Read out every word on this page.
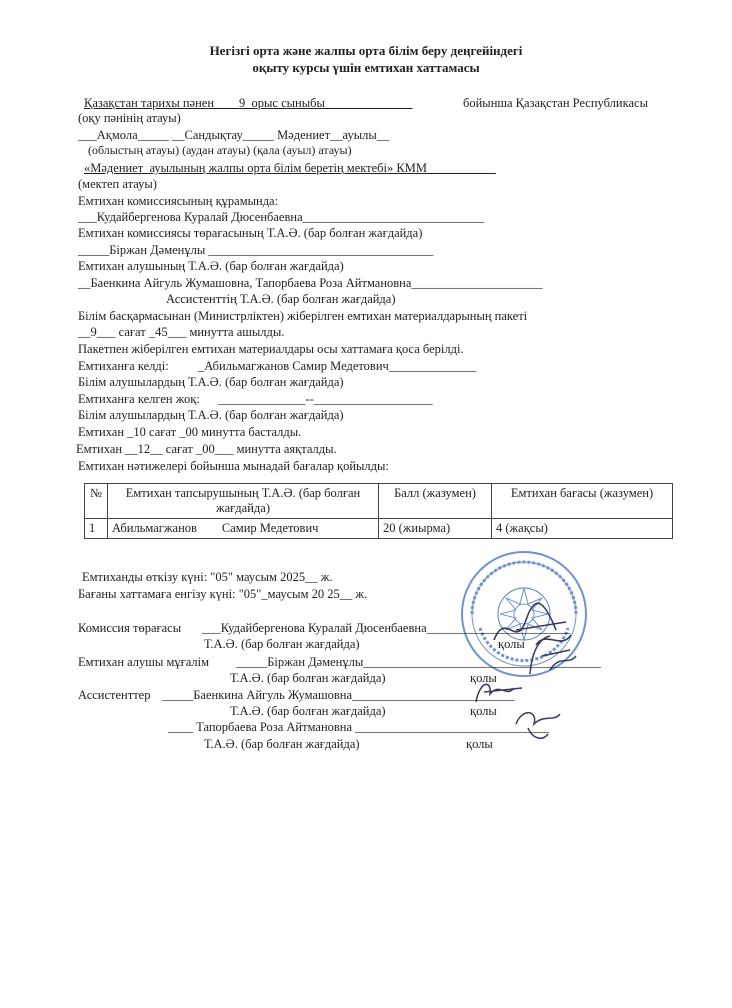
Негізгі орта және жалпы орта білім беру деңгейіндегі
оқыту курсы үшін емтихан хаттамасы
Қазақстан тарихы пәнен____9_орыс сыныбы______________	бойынша Қазақстан Республикасы
(оқу пәнінің атауы)
___Ақмола_____ __Сандықтау_____ Мәдениет__ауылы__
(облыстың атауы) (аудан атауы) (қала (ауыл) атауы)
«Мәдениет_ауылының жалпы орта білім беретің мектебі» КММ___________
(мектеп атауы)
Емтихан комиссиясының құрамында:
___Кудайбергенова Куралай Дюсенбаевна_____________________________
Емтихан комиссиясы төрағасының Т.А.Ә. (бар болған жағдайда)
_____Біржан Дәменұлы ____________________________________
Емтихан алушының Т.А.Ә. (бар болған жағдайда)
__Баенкина Айгуль Жумашовна, Тапорбаева Роза Айтмановна_____________________
Ассистенттің Т.А.Ә. (бар болған жағдайда)
Білім басқармасынан (Министрліктен) жіберілген емтихан материалдарының пакеті
__9___ сағат _45___ минутта ашылды.
Пакетпен жіберілген емтихан материалдары осы хаттамаға қоса берілді.
Емтиханға келді: _Абильмагжанов Самир Медетович______________
Білім алушылардың Т.А.Ә. (бар болған жағдайда)
Емтиханға келген жоқ: ______________--___________________
Білім алушылардың Т.А.Ә. (бар болған жағдайда)
Емтихан _10 сағат _00 минутта басталды.
Емтихан __12__ сағат _00___ минутта аяқталды.
Емтихан нәтижелері бойынша мынадай бағалар қойылды:
№	Емтихан тапсырушының Т.А.Ә. (бар болған жағдайда)	Балл (жазумен)	Емтихан бағасы (жазумен)
1	Абильмагжанов        Самир Медетович	20 (жиырма)	4 (жақсы)
Емтиханды өткізу күні: "05" маусым 2025__ ж.
Бағаны хаттамаға енгізу күні: "05"_маусым 20 25__ ж.
Комиссия төрағасы ___Кудайбергенова Куралай Дюсенбаевна_______________________
Т.А.Ә. (бар болған жағдайда)	қолы
Емтихан алушы мұғалім _____Біржан Дәменұлы______________________________________
Т.А.Ә. (бар болған жағдайда)	қолы
Ассистенттер _____Баенкина Айгуль Жумашовна__________________________
Т.А.Ә. (бар болған жағдайда)	қолы
____ Тапорбаева Роза Айтмановна _______________________________
Т.А.Ә. (бар болған жағдайда)	қолы
